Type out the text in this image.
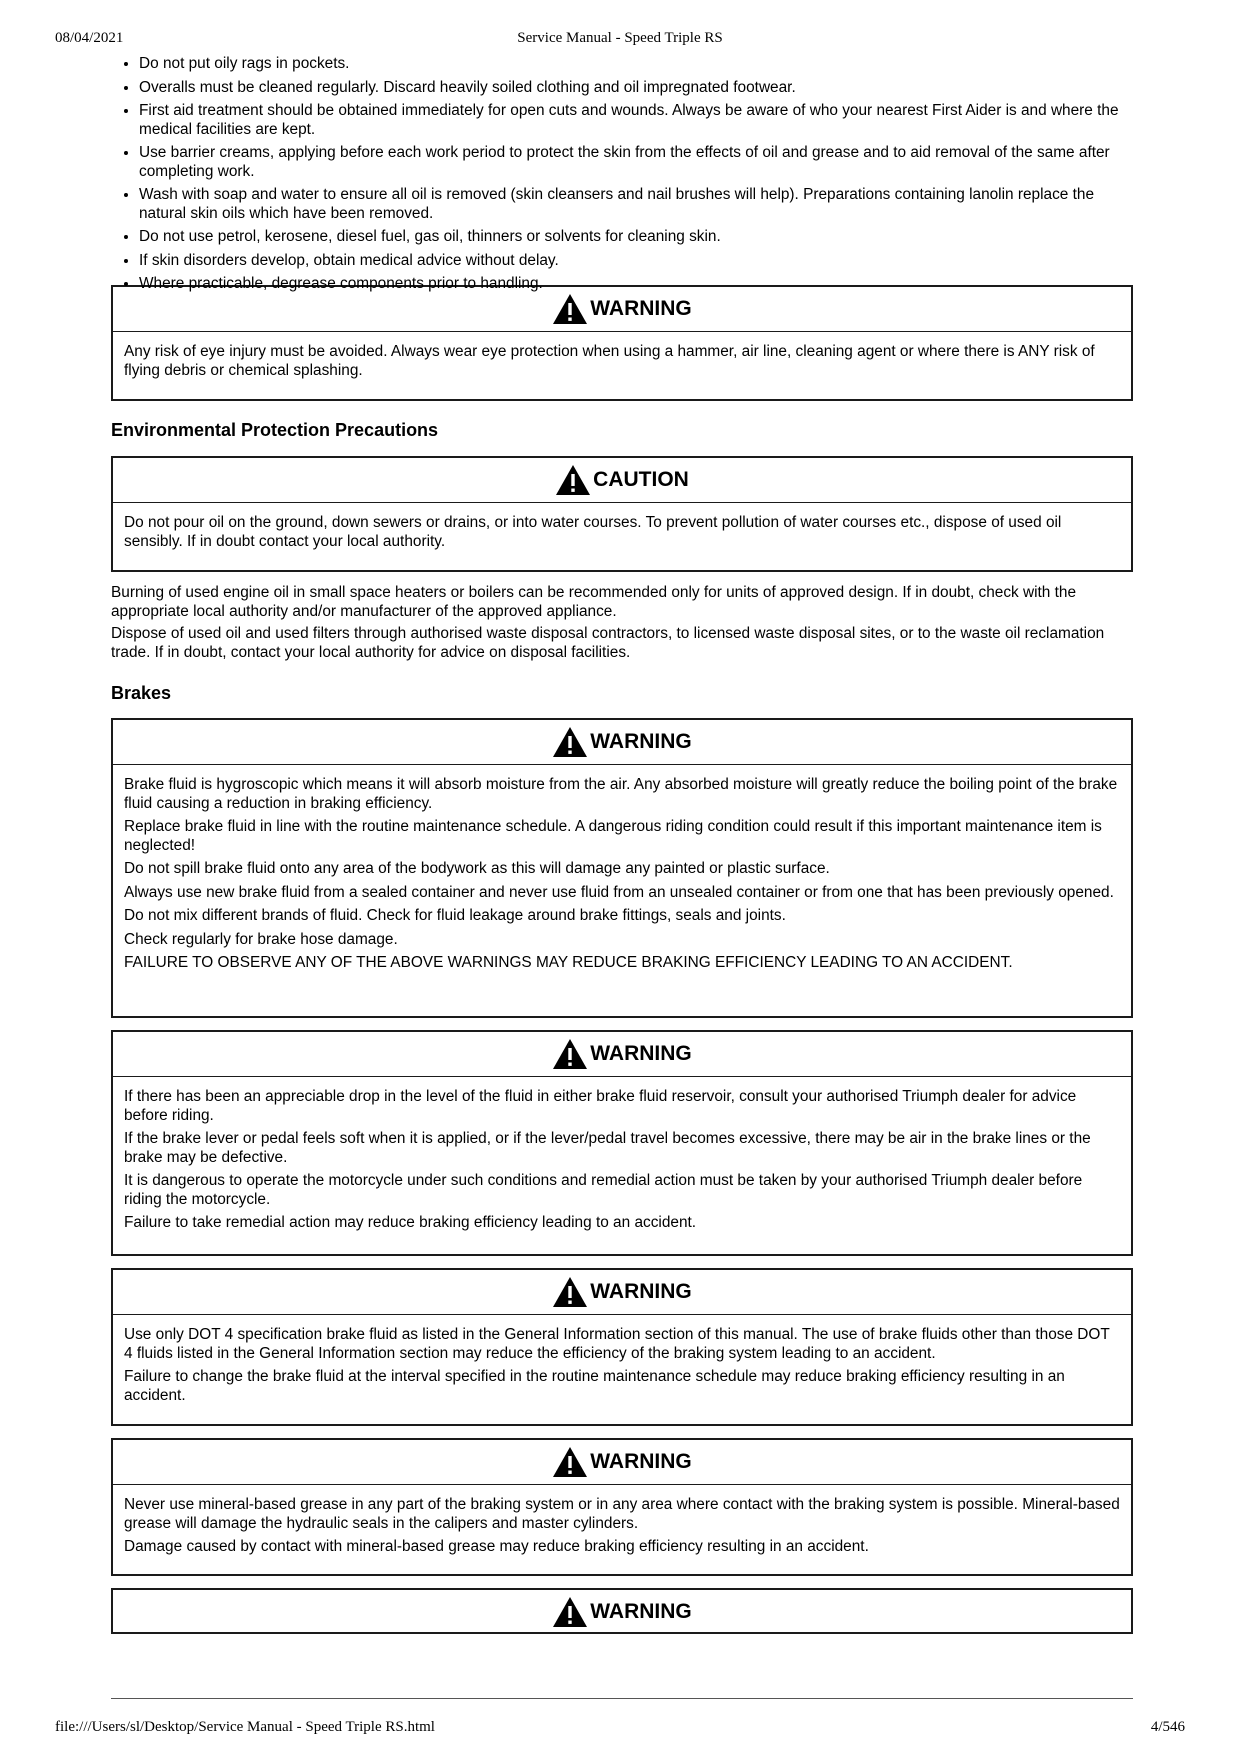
08/04/2021	Service Manual - Speed Triple RS
• Do not put oily rags in pockets.
• Overalls must be cleaned regularly. Discard heavily soiled clothing and oil impregnated footwear.
• First aid treatment should be obtained immediately for open cuts and wounds. Always be aware of who your nearest First Aider is and where the medical facilities are kept.
• Use barrier creams, applying before each work period to protect the skin from the effects of oil and grease and to aid removal of the same after completing work.
• Wash with soap and water to ensure all oil is removed (skin cleansers and nail brushes will help). Preparations containing lanolin replace the natural skin oils which have been removed.
• Do not use petrol, kerosene, diesel fuel, gas oil, thinners or solvents for cleaning skin.
• If skin disorders develop, obtain medical advice without delay.
• Where practicable, degrease components prior to handling.
WARNING

Any risk of eye injury must be avoided. Always wear eye protection when using a hammer, air line, cleaning agent or where there is ANY risk of flying debris or chemical splashing.

Environmental Protection Precautions
CAUTION

Do not pour oil on the ground, down sewers or drains, or into water courses. To prevent pollution of water courses etc., dispose of used oil sensibly. If in doubt contact your local authority.

Burning of used engine oil in small space heaters or boilers can be recommended only for units of approved design. If in doubt, check with the appropriate local authority and/or manufacturer of the approved appliance.

Dispose of used oil and used filters through authorised waste disposal contractors, to licensed waste disposal sites, or to the waste oil reclamation trade. If in doubt, contact your local authority for advice on disposal facilities.

Brakes
WARNING

Brake fluid is hygroscopic which means it will absorb moisture from the air. Any absorbed moisture will greatly reduce the boiling point of the brake fluid causing a reduction in braking efficiency.

Replace brake fluid in line with the routine maintenance schedule. A dangerous riding condition could result if this important maintenance item is neglected!

Do not spill brake fluid onto any area of the bodywork as this will damage any painted or plastic surface.

Always use new brake fluid from a sealed container and never use fluid from an unsealed container or from one that has been previously opened.

Do not mix different brands of fluid. Check for fluid leakage around brake fittings, seals and joints.

Check regularly for brake hose damage.

FAILURE TO OBSERVE ANY OF THE ABOVE WARNINGS MAY REDUCE BRAKING EFFICIENCY LEADING TO AN ACCIDENT.

WARNING

If there has been an appreciable drop in the level of the fluid in either brake fluid reservoir, consult your authorised Triumph dealer for advice before riding.

If the brake lever or pedal feels soft when it is applied, or if the lever/pedal travel becomes excessive, there may be air in the brake lines or the brake may be defective.

It is dangerous to operate the motorcycle under such conditions and remedial action must be taken by your authorised Triumph dealer before riding the motorcycle.

Failure to take remedial action may reduce braking efficiency leading to an accident.

WARNING

Use only DOT 4 specification brake fluid as listed in the General Information section of this manual. The use of brake fluids other than those DOT 4 fluids listed in the General Information section may reduce the efficiency of the braking system leading to an accident.

Failure to change the brake fluid at the interval specified in the routine maintenance schedule may reduce braking efficiency resulting in an accident.

WARNING

Never use mineral-based grease in any part of the braking system or in any area where contact with the braking system is possible. Mineral-based grease will damage the hydraulic seals in the calipers and master cylinders.

Damage caused by contact with mineral-based grease may reduce braking efficiency resulting in an accident.

WARNING
file:///Users/sl/Desktop/Service Manual - Speed Triple RS.html	4/546
